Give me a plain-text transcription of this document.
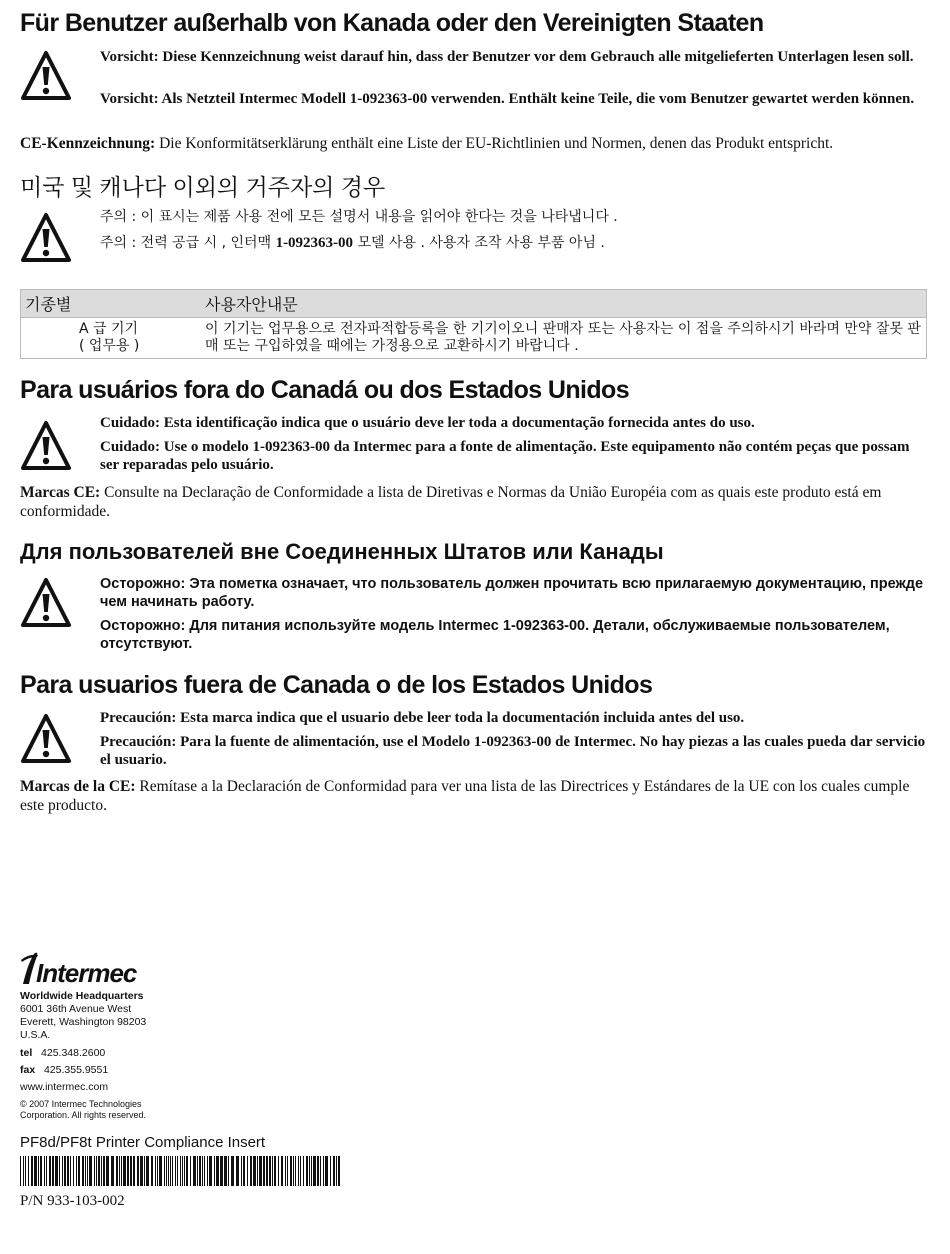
Für Benutzer außerhalb von Kanada oder den Vereinigten Staaten
Vorsicht: Diese Kennzeichnung weist darauf hin, dass der Benutzer vor dem Gebrauch alle mitgelieferten Unterlagen lesen soll.
Vorsicht: Als Netzteil Intermec Modell 1-092363-00 verwenden. Enthält keine Teile, die vom Benutzer gewartet werden können.
CE-Kennzeichnung: Die Konformitätserklärung enthält eine Liste der EU-Richtlinien und Normen, denen das Produkt entspricht.
미국 및 캐나다 이외의 거주자의 경우
주의 : 이 표시는 제품 사용 전에 모든 설명서 내용을 읽어야 한다는 것을 나타냅니다 .
주의 : 전력 공급 시 , 인터맥 1-092363-00 모델 사용 . 사용자 조작 사용 부품 아님 .
기종별	사용자안내문

A 급 기기
( 업무용 )	이 기기는 업무용으로 전자파적합등록을 한 기기이오니 판매자 또는 사용자는 이 점을 주의하시기 바라며 만약 잘못 판매 또는 구입하였을 때에는 가정용으로 교환하시기 바랍니다 .
Para usuários fora do Canadá ou dos Estados Unidos
Cuidado: Esta identificação indica que o usuário deve ler toda a documentação fornecida antes do uso.
Cuidado: Use o modelo 1-092363-00 da Intermec para a fonte de alimentação. Este equipamento não contém peças que possam ser reparadas pelo usuário.
Marcas CE: Consulte na Declaração de Conformidade a lista de Diretivas e Normas da União Européia com as quais este produto está em conformidade.
Для пользователей вне Соединенных Штатов или Канады
Осторожно: Эта пометка означает, что пользователь должен прочитать всю прилагаемую документацию, прежде чем начинать работу.
Осторожно: Для питания используйте модель Intermec 1-092363-00. Детали, обслуживаемые пользователем, отсутствуют.
Para usuarios fuera de Canada o de los Estados Unidos
Precaución: Esta marca indica que el usuario debe leer toda la documentación incluida antes del uso.
Precaución: Para la fuente de alimentación, use el Modelo 1-092363-00 de Intermec. No hay piezas a las cuales pueda dar servicio el usuario.
Marcas de la CE: Remítase a la Declaración de Conformidad para ver una lista de las Directrices y Estándares de la UE con los cuales cumple este producto.
Intermec
Worldwide Headquarters
6001 36th Avenue West
Everett, Washington 98203
U.S.A.
tel 425.348.2600
fax 425.355.9551
www.intermec.com
© 2007 Intermec Technologies
Corporation. All rights reserved.
PF8d/PF8t Printer Compliance Insert
P/N 933-103-002
